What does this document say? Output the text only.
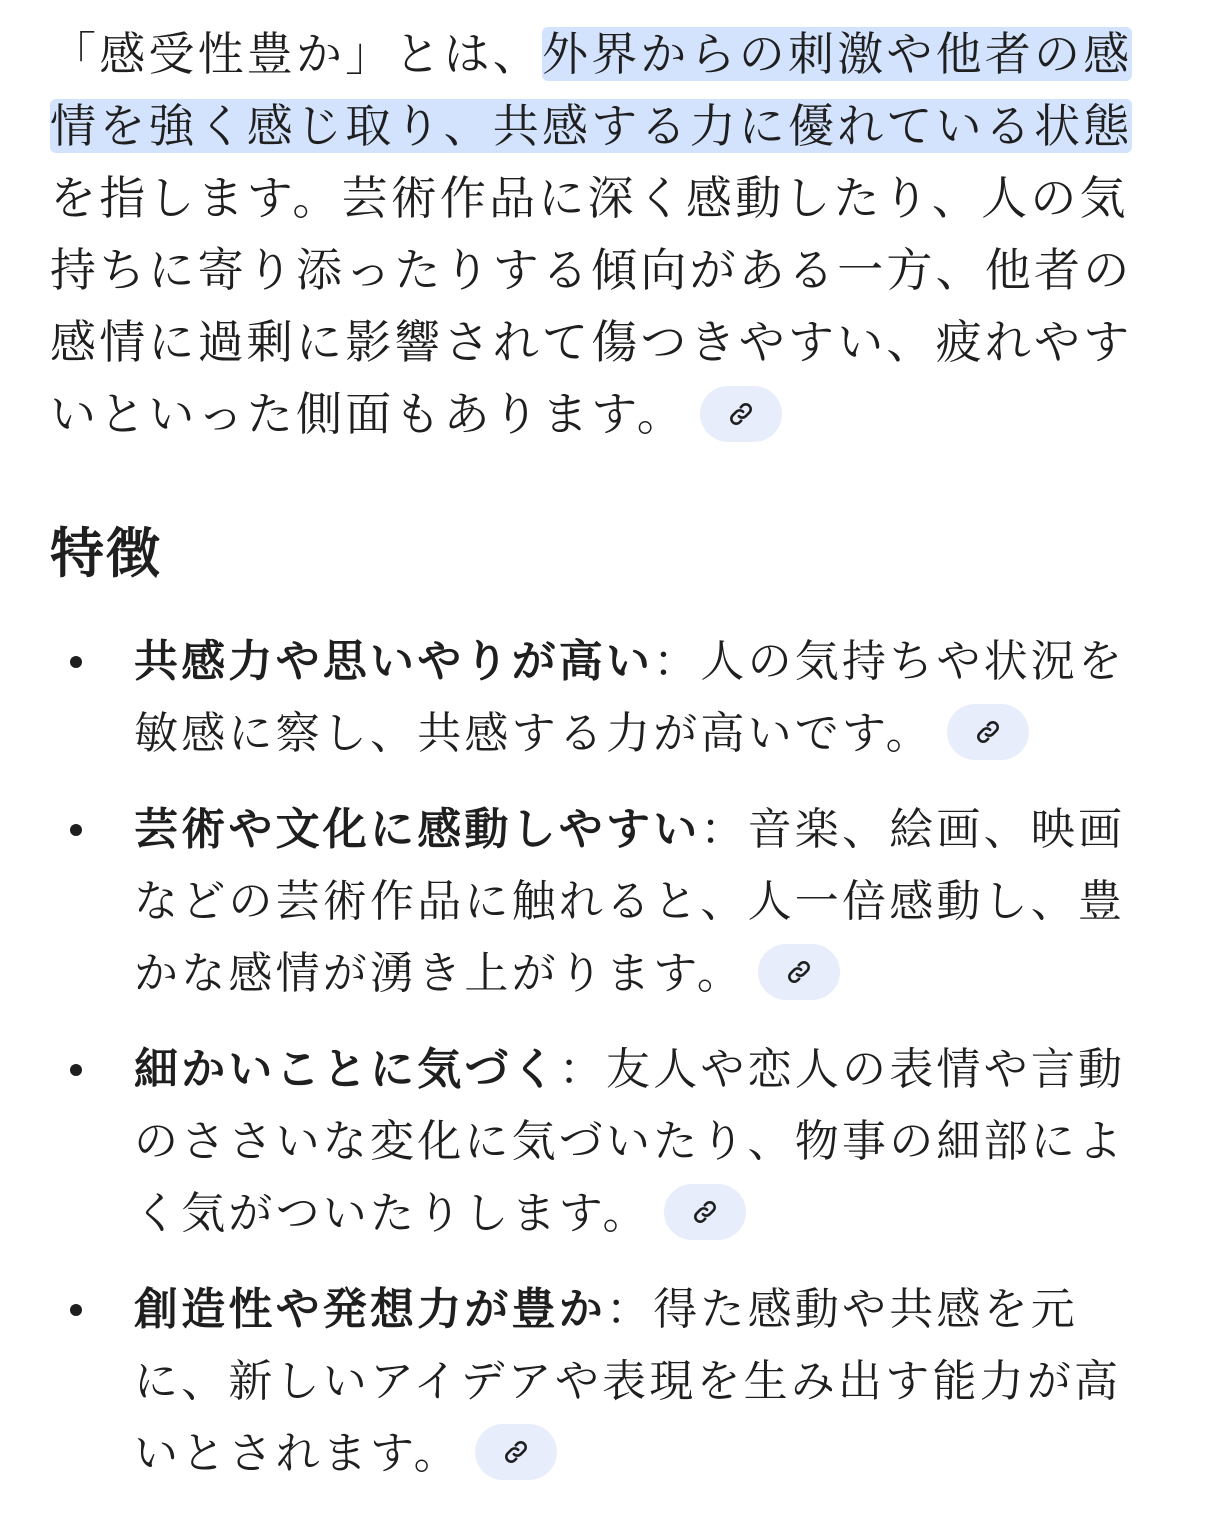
「感受性豊か」とは、外界からの刺激や他者の感情を強く感じ取り、共感する力に優れている状態を指します。芸術作品に深く感動したり、人の気持ちに寄り添ったりする傾向がある一方、他者の感情に過剰に影響されて傷つきやすい、疲れやすいといった側面もあります。

特徴
共感力や思いやりが高い：人の気持ちや状況を敏感に察し、共感する力が高いです。
芸術や文化に感動しやすい：音楽、絵画、映画などの芸術作品に触れると、人一倍感動し、豊かな感情が湧き上がります。
細かいことに気づく：友人や恋人の表情や言動のささいな変化に気づいたり、物事の細部によく気がついたりします。
創造性や発想力が豊か：得た感動や共感を元に、新しいアイデアや表現を生み出す能力が高いとされます。
